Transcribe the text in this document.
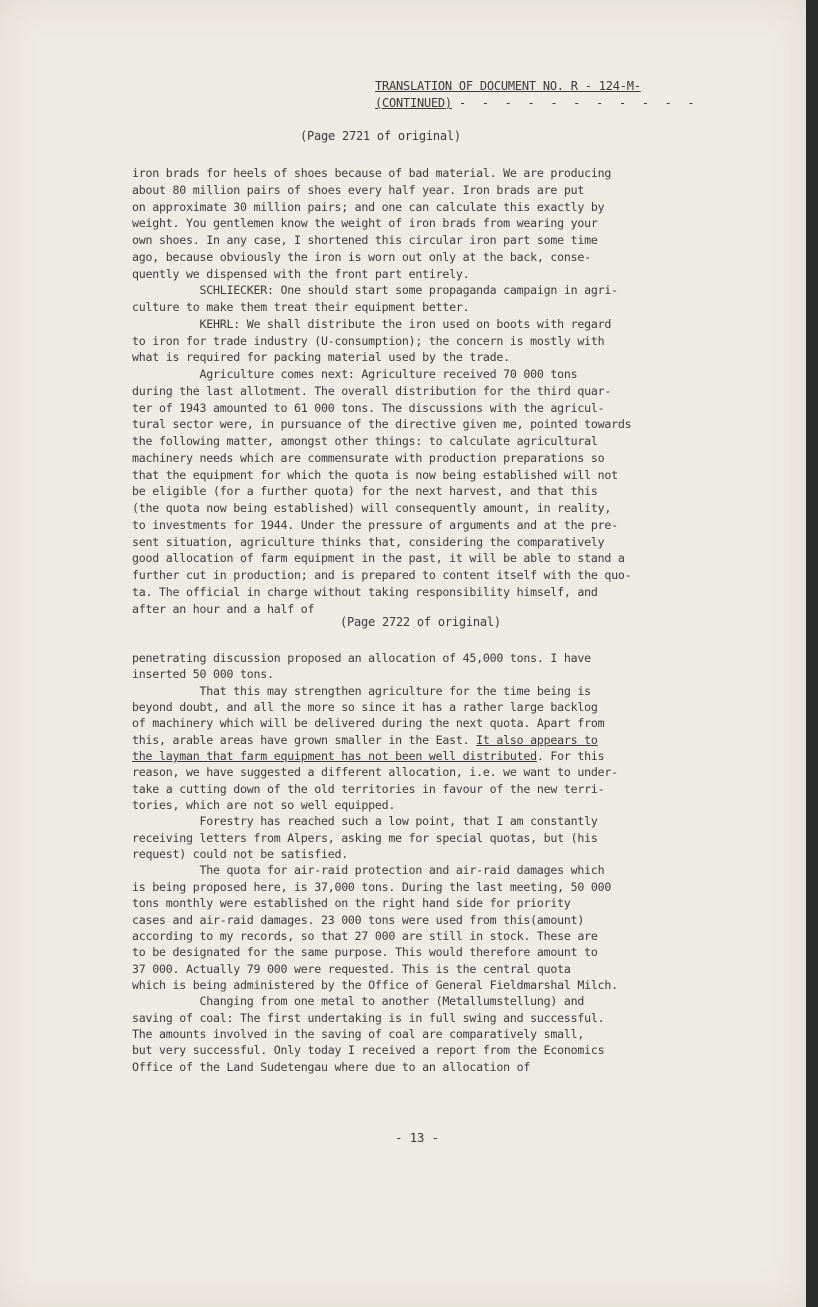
TRANSLATION OF DOCUMENT NO. R - 124-M-
(CONTINUED) - - - - - - - - - - -
(Page 2721 of original)
iron brads for heels of shoes because of bad material. We are producing
about 80 million pairs of shoes every half year. Iron brads are put
on approximate 30 million pairs; and one can calculate this exactly by
weight. You gentlemen know the weight of iron brads from wearing your
own shoes. In any case, I shortened this circular iron part some time
ago, because obviously the iron is worn out only at the back, conse-
quently we dispensed with the front part entirely.
SCHLIECKER: One should start some propaganda campaign in agri-
culture to make them treat their equipment better.
KEHRL: We shall distribute the iron used on boots with regard
to iron for trade industry (U-consumption); the concern is mostly with
what is required for packing material used by the trade.
Agriculture comes next: Agriculture received 70 000 tons
during the last allotment. The overall distribution for the third quar-
ter of 1943 amounted to 61 000 tons. The discussions with the agricul-
tural sector were, in pursuance of the directive given me, pointed towards
the following matter, amongst other things: to calculate agricultural
machinery needs which are commensurate with production preparations so
that the equipment for which the quota is now being established will not
be eligible (for a further quota) for the next harvest, and that this
(the quota now being established) will consequently amount, in reality,
to investments for 1944. Under the pressure of arguments and at the pre-
sent situation, agriculture thinks that, considering the comparatively
good allocation of farm equipment in the past, it will be able to stand a
further cut in production; and is prepared to content itself with the quo-
ta. The official in charge without taking responsibility himself, and
after an hour and a half of
(Page 2722 of original)
penetrating discussion proposed an allocation of 45,000 tons. I have
inserted 50 000 tons.
That this may strengthen agriculture for the time being is
beyond doubt, and all the more so since it has a rather large backlog
of machinery which will be delivered during the next quota. Apart from
this, arable areas have grown smaller in the East. It also appears to
the layman that farm equipment has not been well distributed. For this
reason, we have suggested a different allocation, i.e. we want to under-
take a cutting down of the old territories in favour of the new terri-
tories, which are not so well equipped.
Forestry has reached such a low point, that I am constantly
receiving letters from Alpers, asking me for special quotas, but (his
request) could not be satisfied.
The quota for air-raid protection and air-raid damages which
is being proposed here, is 37,000 tons. During the last meeting, 50 000
tons monthly were established on the right hand side for priority
cases and air-raid damages. 23 000 tons were used from this(amount)
according to my records, so that 27 000 are still in stock. These are
to be designated for the same purpose. This would therefore amount to
37 000. Actually 79 000 were requested. This is the central quota
which is being administered by the Office of General Fieldmarshal Milch.
Changing from one metal to another (Metallumstellung) and
saving of coal: The first undertaking is in full swing and successful.
The amounts involved in the saving of coal are comparatively small,
but very successful. Only today I received a report from the Economics
Office of the Land Sudetengau where due to an allocation of
- 13 -
